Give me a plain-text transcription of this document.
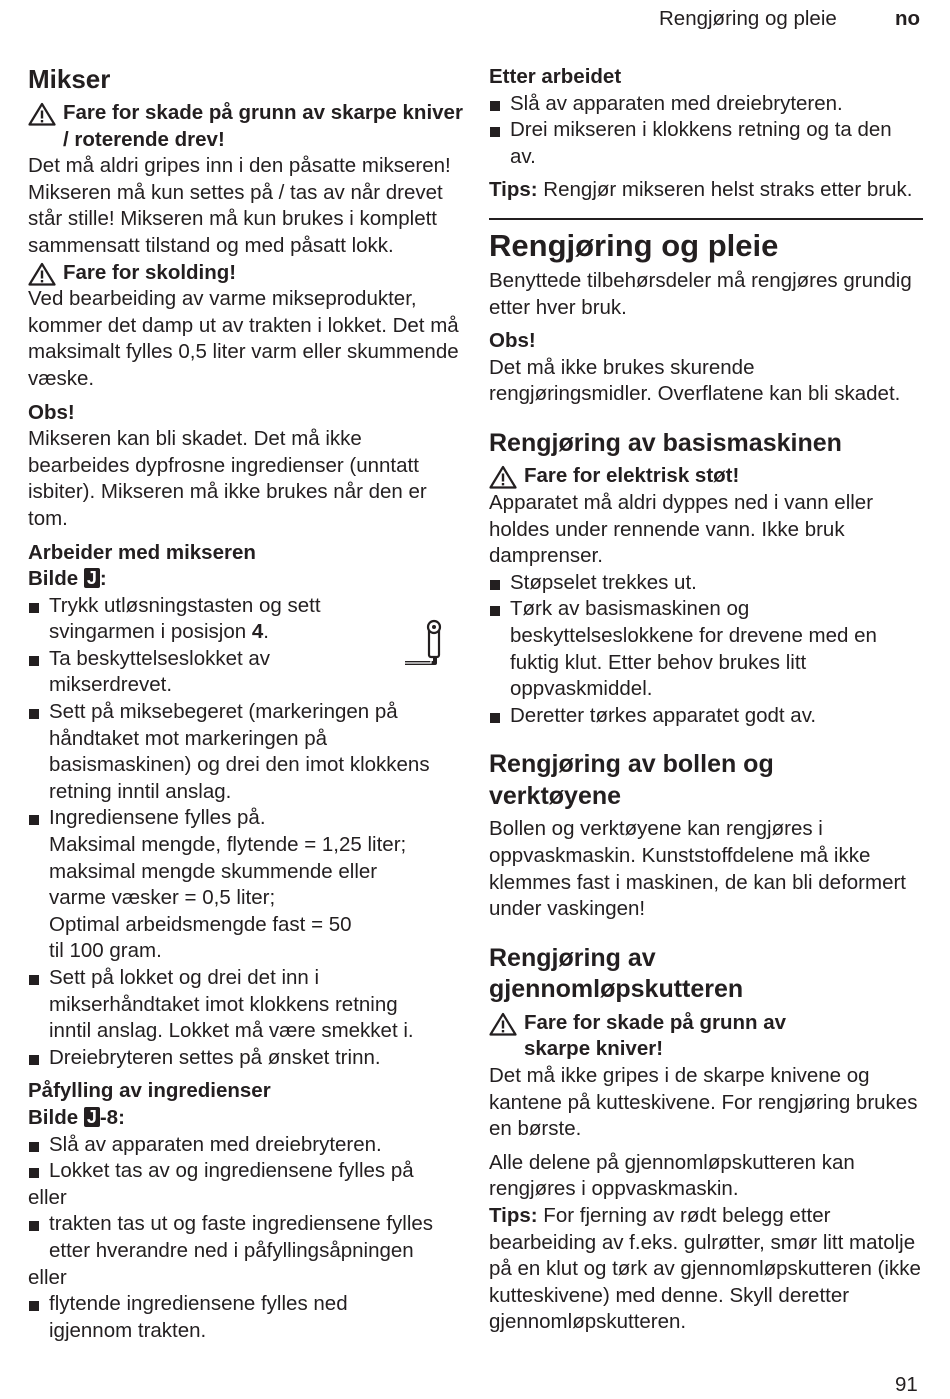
Rengjøring og pleie	no
Mikser

Fare for skade på grunn av skarpe kniver / roterende drev!

Det må aldri gripes inn i den påsatte mikseren! Mikseren må kun settes på / tas av når drevet står stille! Mikseren må kun brukes i komplett sammensatt tilstand og med påsatt lokk.

Fare for skolding!

Ved bearbeiding av varme mikseprodukter, kommer det damp ut av trakten i lokket. Det må maksimalt fylles 0,5 liter varm eller skummende væske.

Obs!

Mikseren kan bli skadet. Det må ikke bearbeides dypfrosne ingredienser (unntatt isbiter). Mikseren må ikke brukes når den er tom.

Arbeider med mikseren

Bilde J :

Trykk utløsningstasten og sett svingarmen i posisjon 4.
Ta beskyttelseslokket av mikserdrevet.
Sett på miksebegeret (markeringen på håndtaket mot markeringen på basismaskinen) og drei den imot klokkens retning inntil anslag.
Ingrediensene fylles på.
Maksimal mengde, flytende = 1,25 liter;
maksimal mengde skummende eller varme væsker = 0,5 liter;
Optimal arbeidsmengde fast = 50 til 100 gram.
Sett på lokket og drei det inn i mikserhåndtaket imot klokkens retning inntil anslag. Lokket må være smekket i.
Dreiebryteren settes på ønsket trinn.

Påfylling av ingredienser

Bilde J -8:

Slå av apparaten med dreiebryteren.
Lokket tas av og ingrediensene fylles på

eller

trakten tas ut og faste ingrediensene fylles etter hverandre ned i påfyllingsåpningen

eller

flytende ingrediensene fylles ned igjennom trakten.

Etter arbeidet

Slå av apparaten med dreiebryteren.
Drei mikseren i klokkens retning og ta den av.

Tips: Rengjør mikseren helst straks etter bruk.

Rengjøring og pleie

Benyttede tilbehørsdeler må rengjøres grundig etter hver bruk.

Obs!

Det må ikke brukes skurende rengjøringsmidler. Overflatene kan bli skadet.

Rengjøring av basismaskinen

Fare for elektrisk støt!

Apparatet må aldri dyppes ned i vann eller holdes under rennende vann. Ikke bruk damprenser.

Støpselet trekkes ut.
Tørk av basismaskinen og beskyttelseslokkene for drevene med en fuktig klut. Etter behov brukes litt oppvaskmiddel.
Deretter tørkes apparatet godt av.
Rengjøring av bollen og verktøyene

Bollen og verktøyene kan rengjøres i oppvaskmaskin. Kunststoffdelene må ikke klemmes fast i maskinen, de kan bli deformert under vaskingen!

Rengjøring av gjennomløpskutteren

Fare for skade på grunn av skarpe kniver!

Det må ikke gripes i de skarpe knivene og kantene på kutteskivene. For rengjøring brukes en børste.

Alle delene på gjennomløpskutteren kan rengjøres i oppvaskmaskin.

Tips: For fjerning av rødt belegg etter bearbeiding av f.eks. gulrøtter, smør litt matolje på en klut og tørk av gjennomløpskutteren (ikke kutteskivene) med denne. Skyll deretter gjennomløpskutteren.

91
